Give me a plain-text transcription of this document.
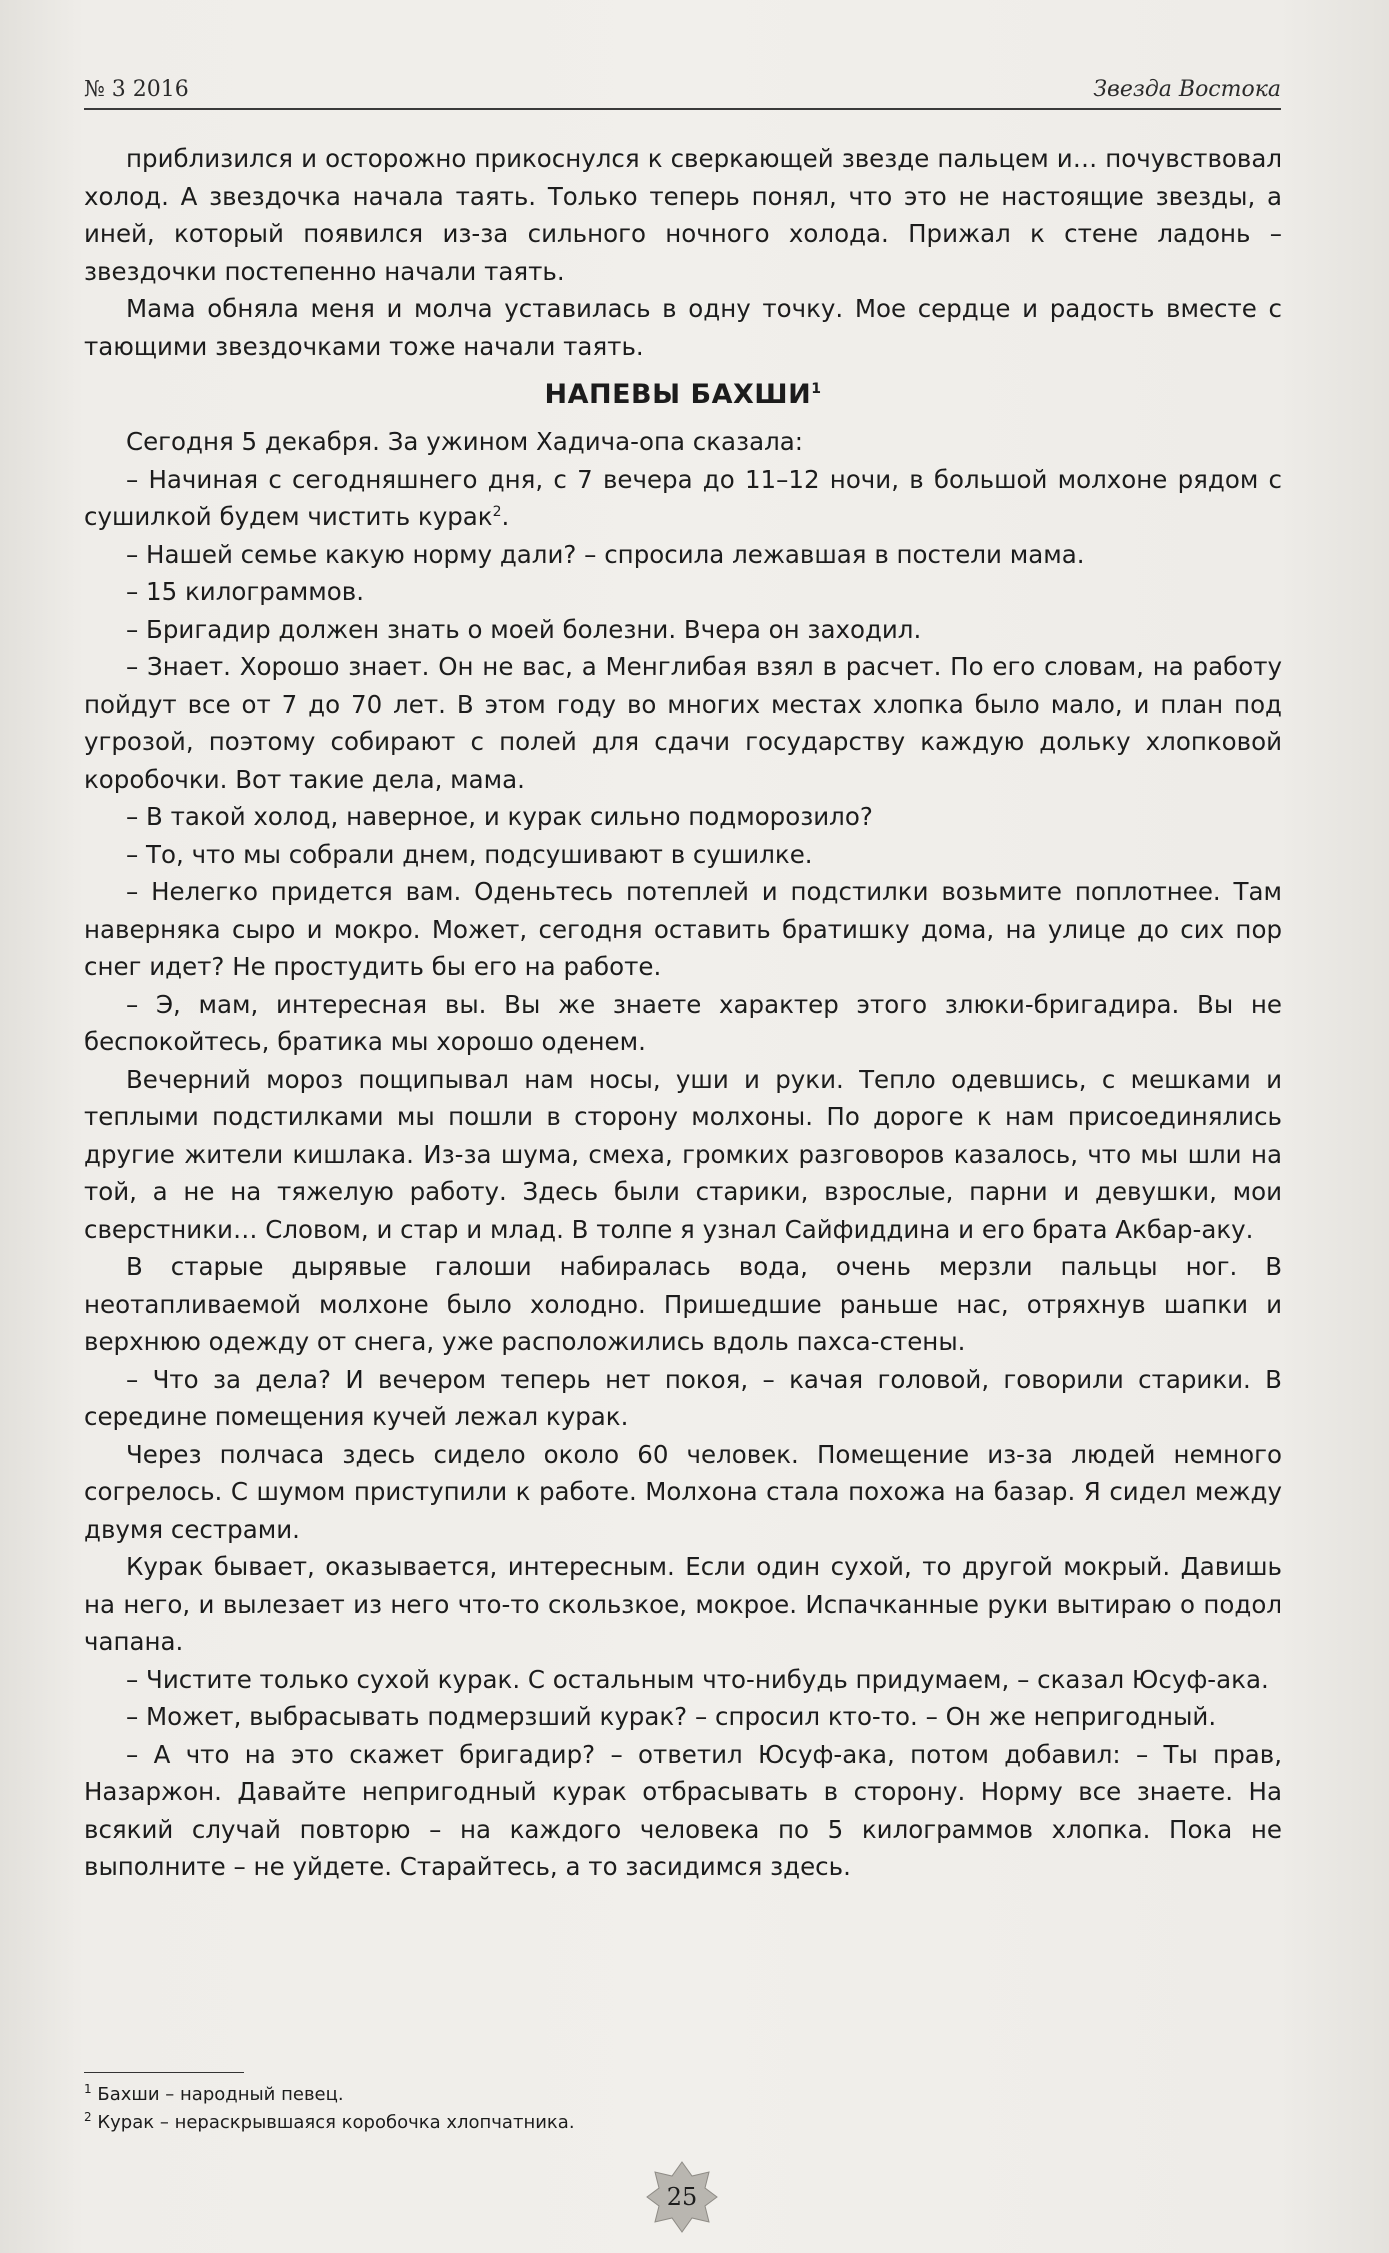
№ 3 2016	Звезда Востока

приблизился и осторожно прикоснулся к сверкающей звезде пальцем и… почувствовал холод. А звездочка начала таять. Только теперь понял, что это не настоящие звезды, а иней, который появился из-за сильного ночного холода. Прижал к стене ладонь – звездочки постепенно начали таять.

Мама обняла меня и молча уставилась в одну точку. Мое сердце и радость вместе с тающими звездочками тоже начали таять.

НАПЕВЫ БАХШИ$^1$

Сегодня 5 декабря. За ужином Хадича-опа сказала:

– Начиная с сегодняшнего дня, с 7 вечера до 11–12 ночи, в большой молхоне рядом с сушилкой будем чистить курак$^2$.

– Нашей семье какую норму дали? – спросила лежавшая в постели мама.

– 15 килограммов.

– Бригадир должен знать о моей болезни. Вчера он заходил.

– Знает. Хорошо знает. Он не вас, а Менглибая взял в расчет. По его словам, на работу пойдут все от 7 до 70 лет. В этом году во многих местах хлопка было мало, и план под угрозой, поэтому собирают с полей для сдачи государству каждую дольку хлопковой коробочки. Вот такие дела, мама.

– В такой холод, наверное, и курак сильно подморозило?

– То, что мы собрали днем, подсушивают в сушилке.

– Нелегко придется вам. Оденьтесь потеплей и подстилки возьмите поплотнее. Там наверняка сыро и мокро. Может, сегодня оставить братишку дома, на улице до сих пор снег идет? Не простудить бы его на работе.

– Э, мам, интересная вы. Вы же знаете характер этого злюки-бригадира. Вы не беспокойтесь, братика мы хорошо оденем.

Вечерний мороз пощипывал нам носы, уши и руки. Тепло одевшись, с мешками и теплыми подстилками мы пошли в сторону молхоны. По дороге к нам присоединялись другие жители кишлака. Из-за шума, смеха, громких разговоров казалось, что мы шли на той, а не на тяжелую работу. Здесь были старики, взрослые, парни и девушки, мои сверстники… Словом, и стар и млад. В толпе я узнал Сайфиддина и его брата Акбар-аку.

В старые дырявые галоши набиралась вода, очень мерзли пальцы ног. В неотапливаемой молхоне было холодно. Пришедшие раньше нас, отряхнув шапки и верхнюю одежду от снега, уже расположились вдоль пахса-стены.

– Что за дела? И вечером теперь нет покоя, – качая головой, говорили старики. В середине помещения кучей лежал курак.

Через полчаса здесь сидело около 60 человек. Помещение из-за людей немного согрелось. С шумом приступили к работе. Молхона стала похожа на базар. Я сидел между двумя сестрами.

Курак бывает, оказывается, интересным. Если один сухой, то другой мокрый. Давишь на него, и вылезает из него что-то скользкое, мокрое. Испачканные руки вытираю о подол чапана.

– Чистите только сухой курак. С остальным что-нибудь придумаем, – сказал Юсуф-ака.

– Может, выбрасывать подмерзший курак? – спросил кто-то. – Он же непригодный.

– А что на это скажет бригадир? – ответил Юсуф-ака, потом добавил: – Ты прав, Назаржон. Давайте непригодный курак отбрасывать в сторону. Норму все знаете. На всякий случай повторю – на каждого человека по 5 килограммов хлопка. Пока не выполните – не уйдете. Старайтесь, а то засидимся здесь.

$^1$ Бахши – народный певец.
$^2$ Курак – нераскрывшаяся коробочка хлопчатника.
25
